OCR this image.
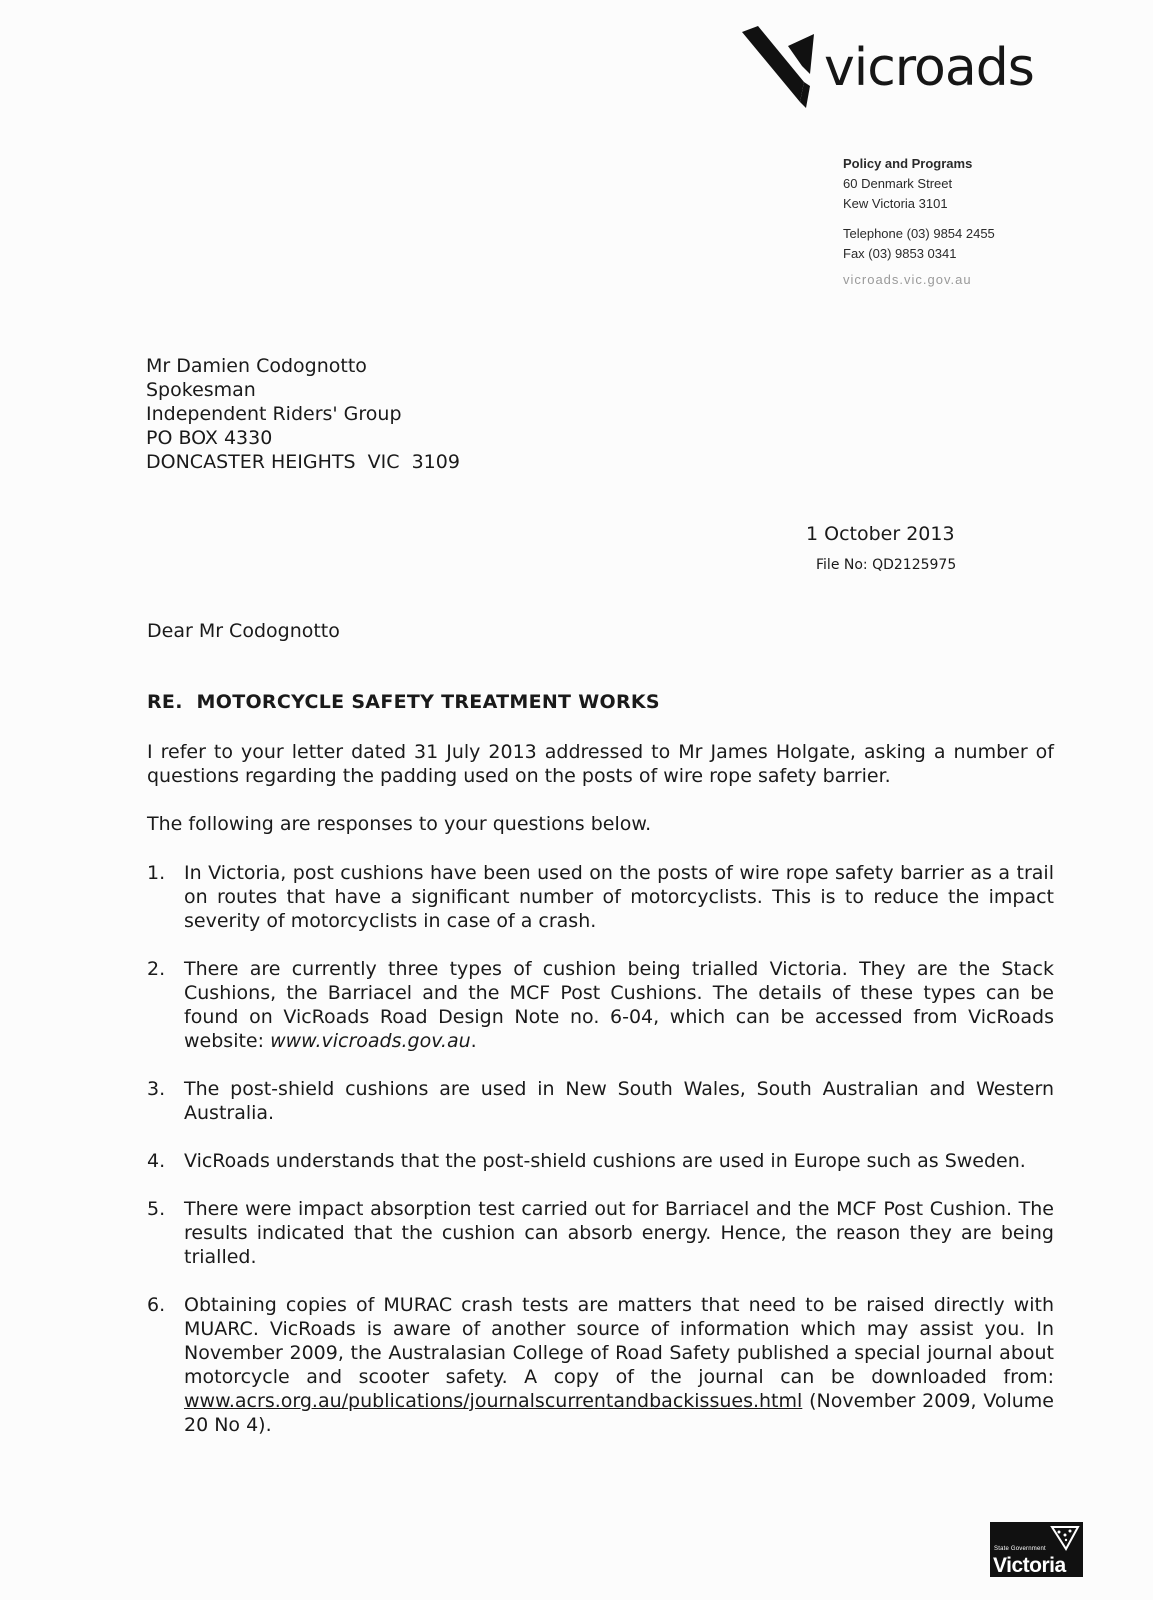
vicroads
Policy and Programs
60 Denmark Street
Kew Victoria 3101
Telephone (03) 9854 2455
Fax (03) 9853 0341
vicroads.vic.gov.au
Mr Damien Codognotto
Spokesman
Independent Riders' Group
PO BOX 4330
DONCASTER HEIGHTS  VIC  3109
1 October 2013
File No: QD2125975
Dear Mr Codognotto
RE.  MOTORCYCLE SAFETY TREATMENT WORKS
I refer to your letter dated 31 July 2013 addressed to Mr James Holgate, asking a number of questions regarding the padding used on the posts of wire rope safety barrier.
The following are responses to your questions below.
1. In Victoria, post cushions have been used on the posts of wire rope safety barrier as a trail on routes that have a significant number of motorcyclists. This is to reduce the impact severity of motorcyclists in case of a crash.
2. There are currently three types of cushion being trialled Victoria. They are the Stack Cushions, the Barriacel and the MCF Post Cushions. The details of these types can be found on VicRoads Road Design Note no. 6-04, which can be accessed from VicRoads website: www.vicroads.gov.au.
3. The post-shield cushions are used in New South Wales, South Australian and Western Australia.
4. VicRoads understands that the post-shield cushions are used in Europe such as Sweden.
5. There were impact absorption test carried out for Barriacel and the MCF Post Cushion. The results indicated that the cushion can absorb energy. Hence, the reason they are being trialled.
6. Obtaining copies of MURAC crash tests are matters that need to be raised directly with MUARC. VicRoads is aware of another source of information which may assist you. In November 2009, the Australasian College of Road Safety published a special journal about motorcycle and scooter safety. A copy of the journal can be downloaded from: www.acrs.org.au/publications/journalscurrentandbackissues.html (November 2009, Volume 20 No 4).
State Government
Victoria
